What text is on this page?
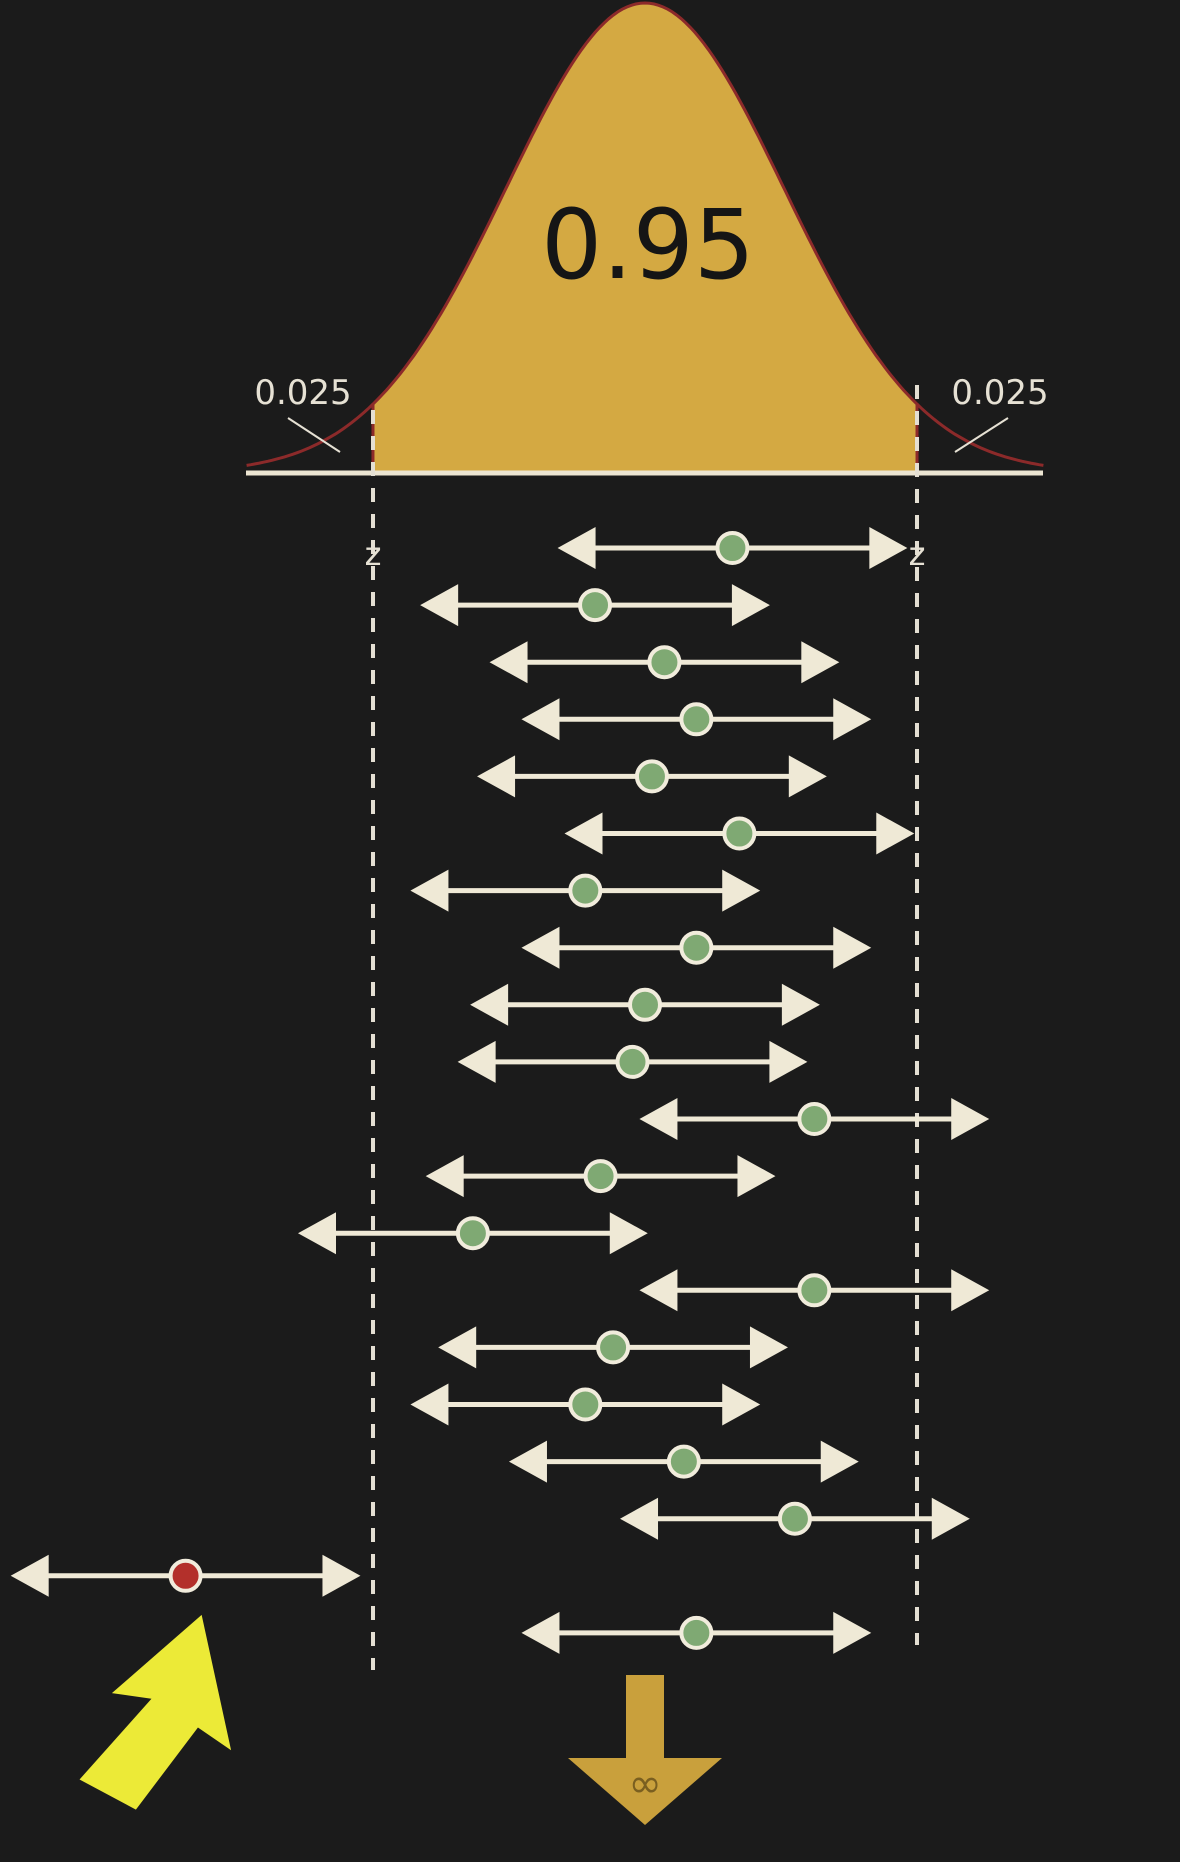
0.95
0.025	0.025
z	z
∞
